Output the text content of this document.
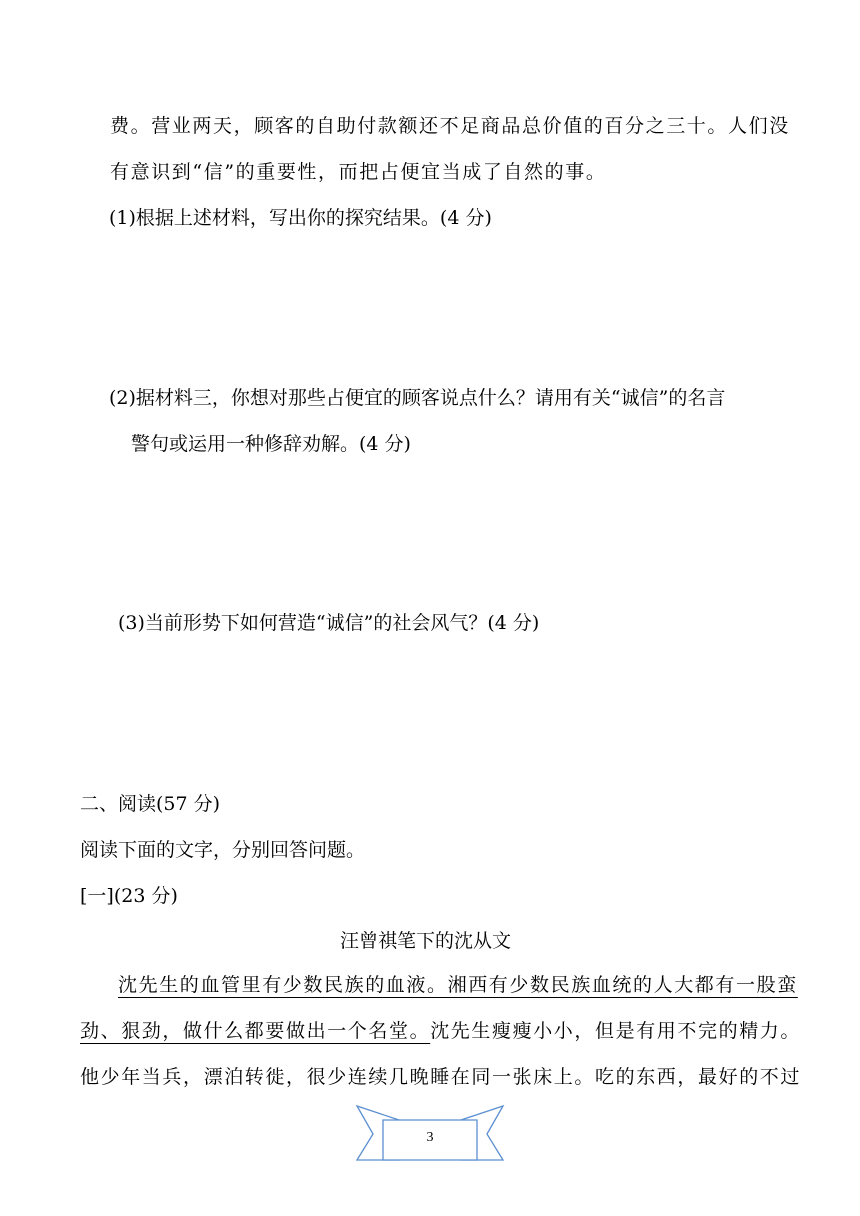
费。营业两天，顾客的自助付款额还不足商品总价值的百分之三十。人们没
有意识到“信”的重要性，而把占便宜当成了自然的事。
(1)根据上述材料，写出你的探究结果。(4 分)
(2)据材料三，你想对那些占便宜的顾客说点什么？请用有关“诚信”的名言
警句或运用一种修辞劝解。(4 分)
(3)当前形势下如何营造“诚信”的社会风气？(4 分)
二、阅读(57 分)
阅读下面的文字，分别回答问题。
[一](23 分)
汪曾祺笔下的沈从文
沈先生的血管里有少数民族的血液。湘西有少数民族血统的人大都有一股蛮
劲、狠劲，做什么都要做出一个名堂。沈先生瘦瘦小小，但是有用不完的精力。
他少年当兵，漂泊转徙，很少连续几晚睡在同一张床上。吃的东西，最好的不过
3
